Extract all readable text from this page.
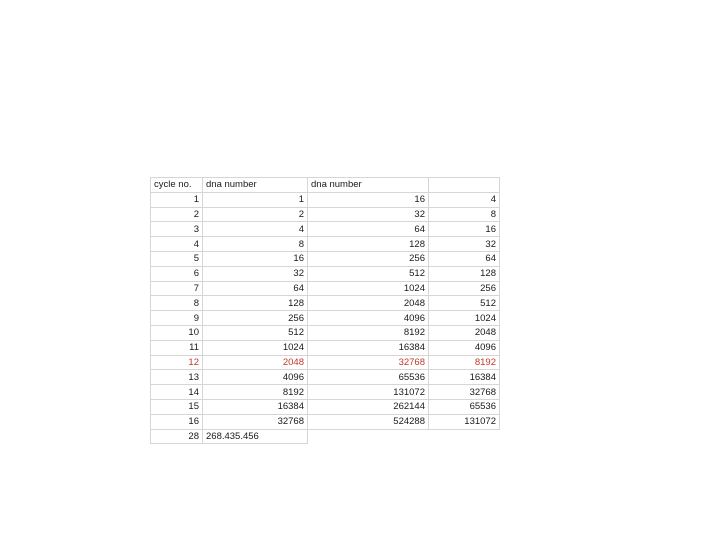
cycle no.	dna number	dna number	
1	1	16	4
2	2	32	8
3	4	64	16
4	8	128	32
5	16	256	64
6	32	512	128
7	64	1024	256
8	128	2048	512
9	256	4096	1024
10	512	8192	2048
11	1024	16384	4096
12	2048	32768	8192
13	4096	65536	16384
14	8192	131072	32768
15	16384	262144	65536
16	32768	524288	131072
28	268.435.456		
